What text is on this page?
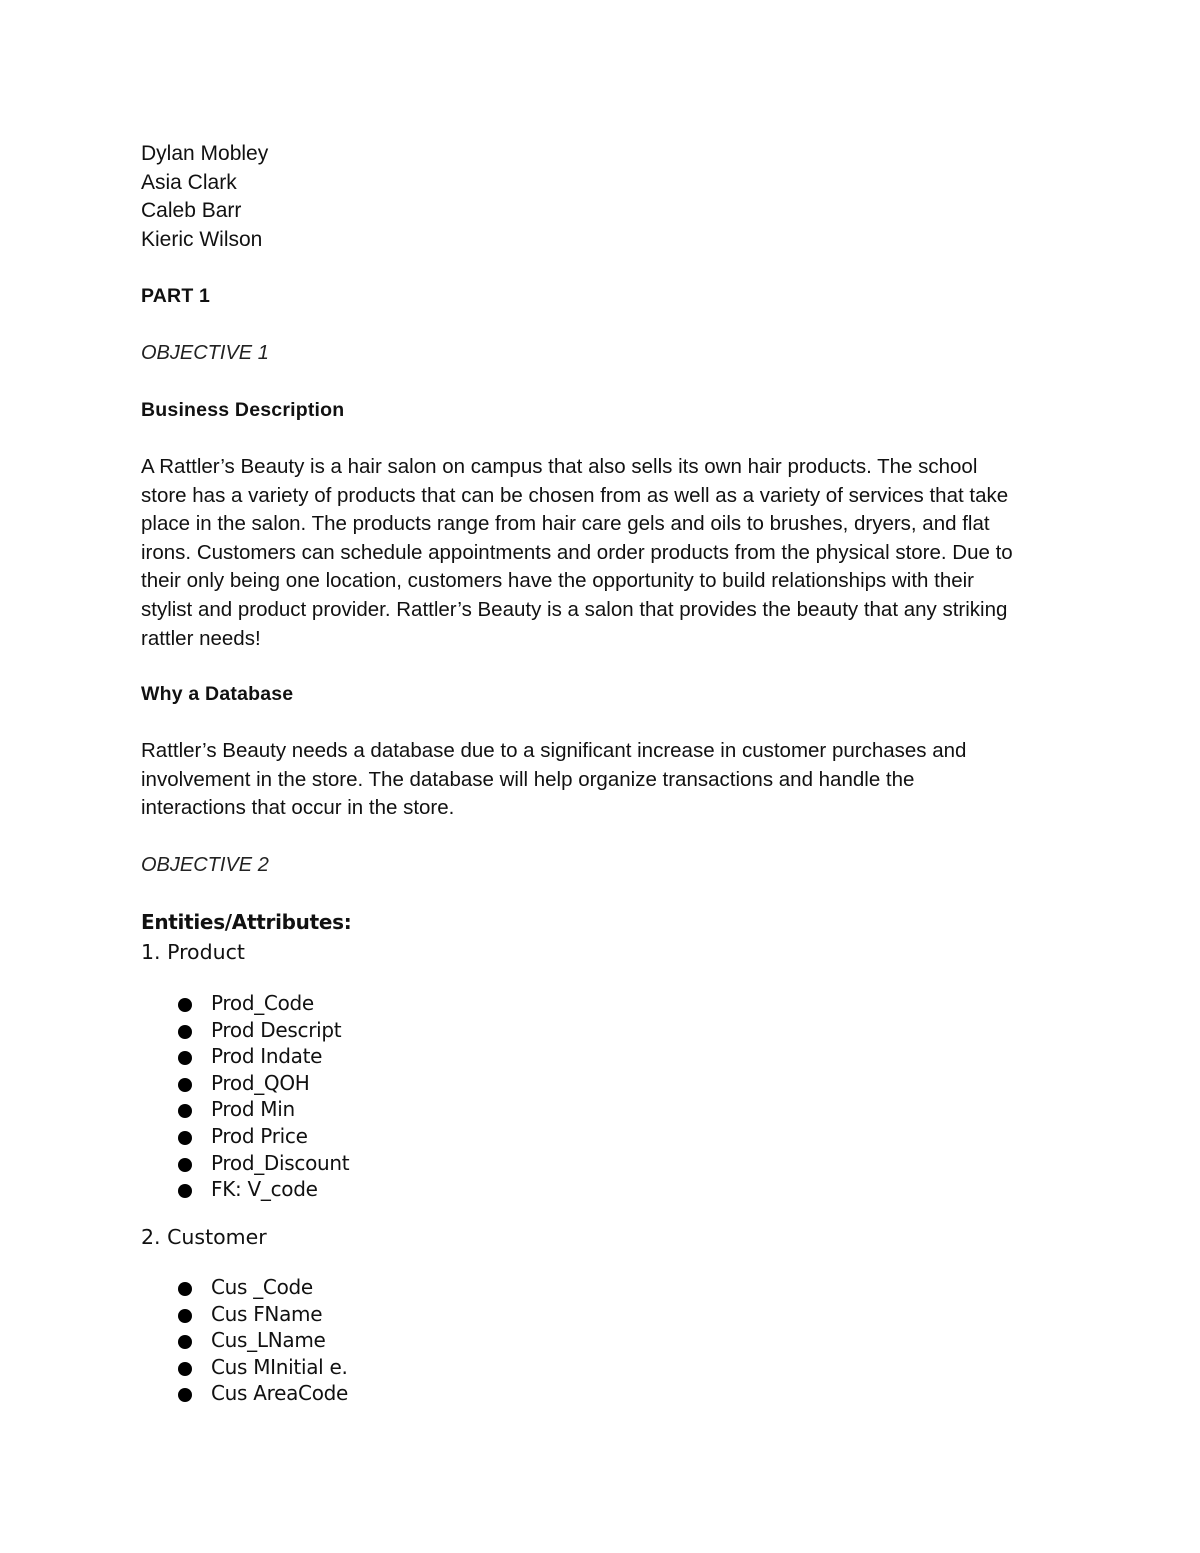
Dylan Mobley
Asia Clark
Caleb Barr
Kieric Wilson
PART 1
OBJECTIVE 1
Business Description
A Rattler’s Beauty is a hair salon on campus that also sells its own hair products. The school
store has a variety of products that can be chosen from as well as a variety of services that take
place in the salon. The products range from hair care gels and oils to brushes, dryers, and flat
irons. Customers can schedule appointments and order products from the physical store. Due to
their only being one location, customers have the opportunity to build relationships with their
stylist and product provider. Rattler’s Beauty is a salon that provides the beauty that any striking
rattler needs!
Why a Database
Rattler’s Beauty needs a database due to a significant increase in customer purchases and
involvement in the store. The database will help organize transactions and handle the
interactions that occur in the store.
OBJECTIVE 2
Entities/Attributes:
1. Product
Prod_Code
Prod Descript
Prod Indate
Prod_QOH
Prod Min
Prod Price
Prod_Discount
FK: V_code
2. Customer
Cus _Code
Cus FName
Cus_LName
Cus MInitial e.
Cus AreaCode
